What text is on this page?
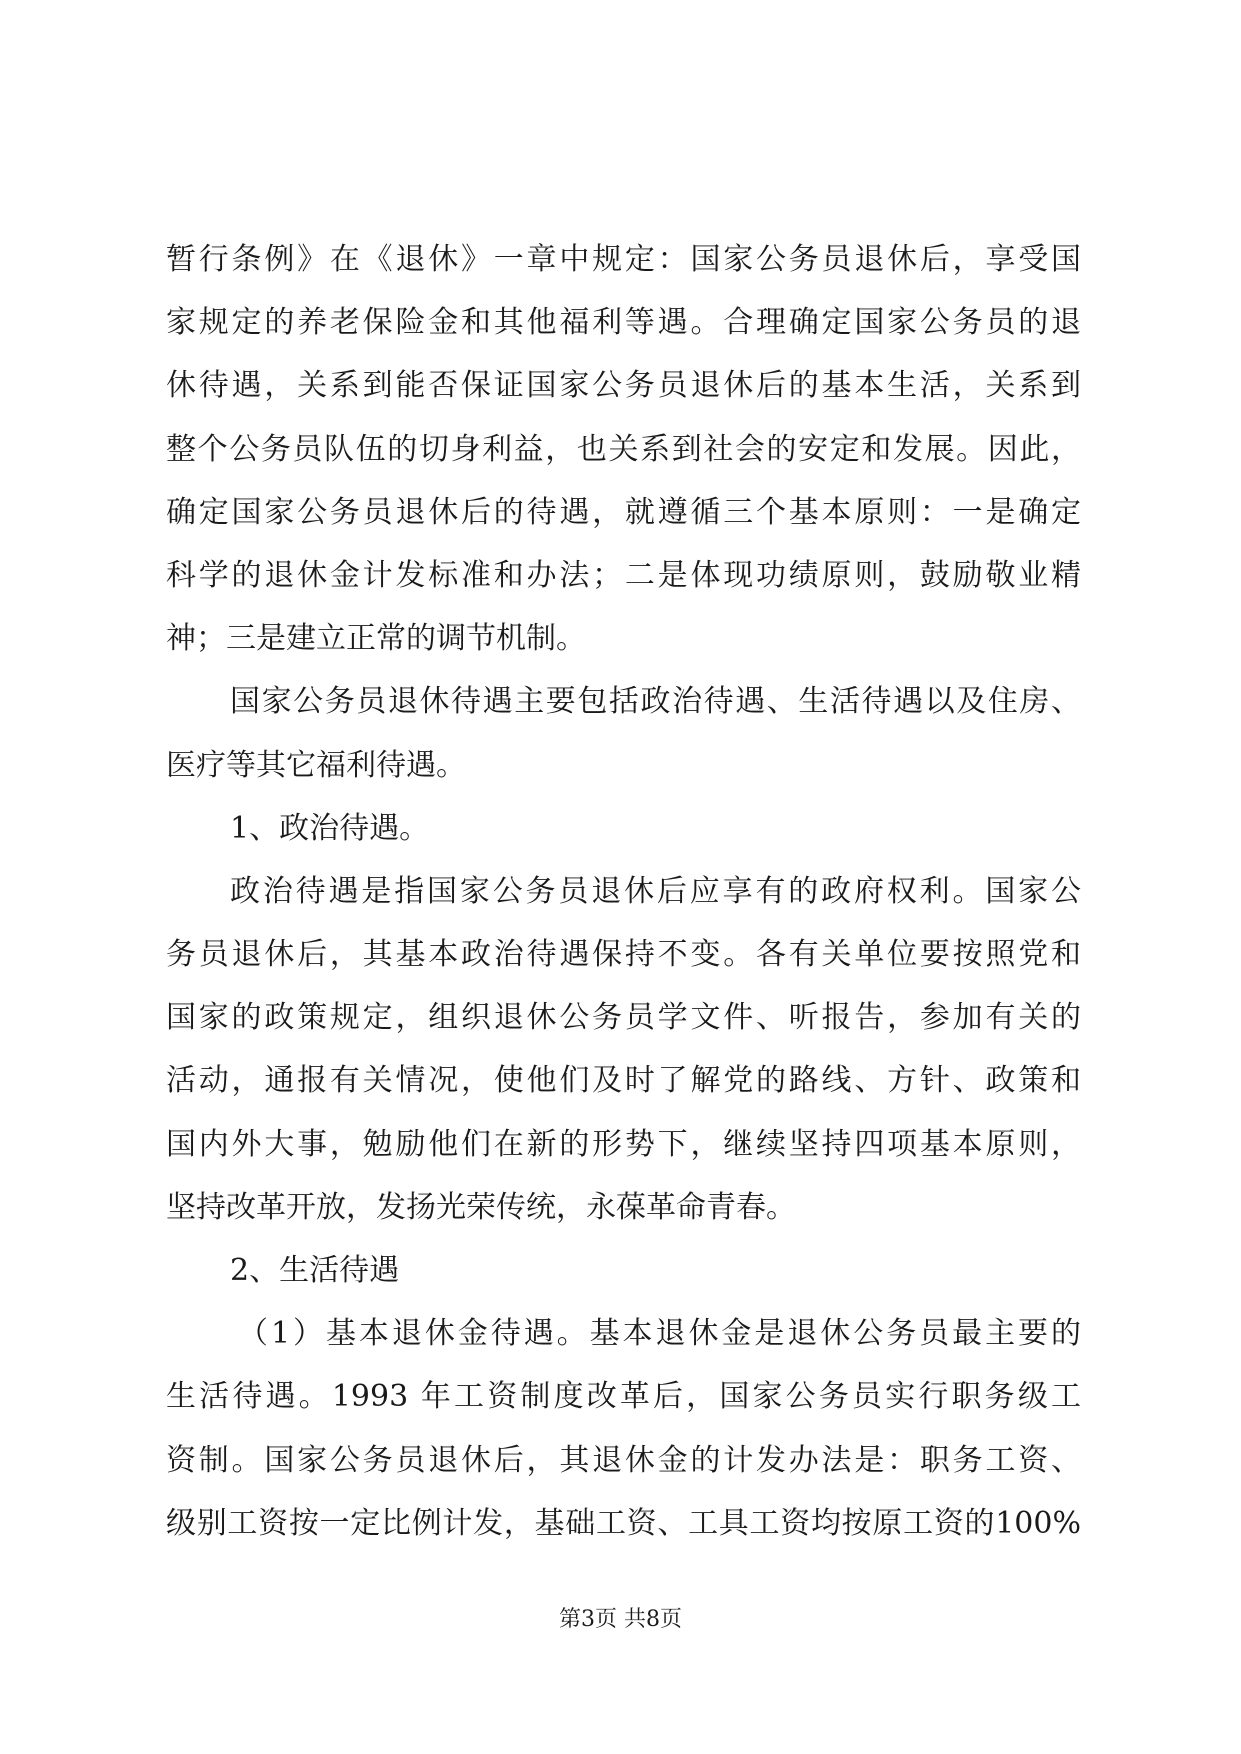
暂行条例》在《退休》一章中规定：国家公务员退休后，享受国
家规定的养老保险金和其他福利等遇。合理确定国家公务员的退
休待遇，关系到能否保证国家公务员退休后的基本生活，关系到
整个公务员队伍的切身利益，也关系到社会的安定和发展。因此，
确定国家公务员退休后的待遇，就遵循三个基本原则：一是确定
科学的退休金计发标准和办法；二是体现功绩原则，鼓励敬业精
神；三是建立正常的调节机制。
国家公务员退休待遇主要包括政治待遇、生活待遇以及住房、
医疗等其它福利待遇。
1、政治待遇。
政治待遇是指国家公务员退休后应享有的政府权利。国家公
务员退休后，其基本政治待遇保持不变。各有关单位要按照党和
国家的政策规定，组织退休公务员学文件、听报告，参加有关的
活动，通报有关情况，使他们及时了解党的路线、方针、政策和
国内外大事，勉励他们在新的形势下，继续坚持四项基本原则，
坚持改革开放，发扬光荣传统，永葆革命青春。
2、生活待遇
（1）基本退休金待遇。基本退休金是退休公务员最主要的
生活待遇。1993 年工资制度改革后，国家公务员实行职务级工
资制。国家公务员退休后，其退休金的计发办法是：职务工资、
级别工资按一定比例计发，基础工资、工具工资均按原工资的100%
第3页 共8页
